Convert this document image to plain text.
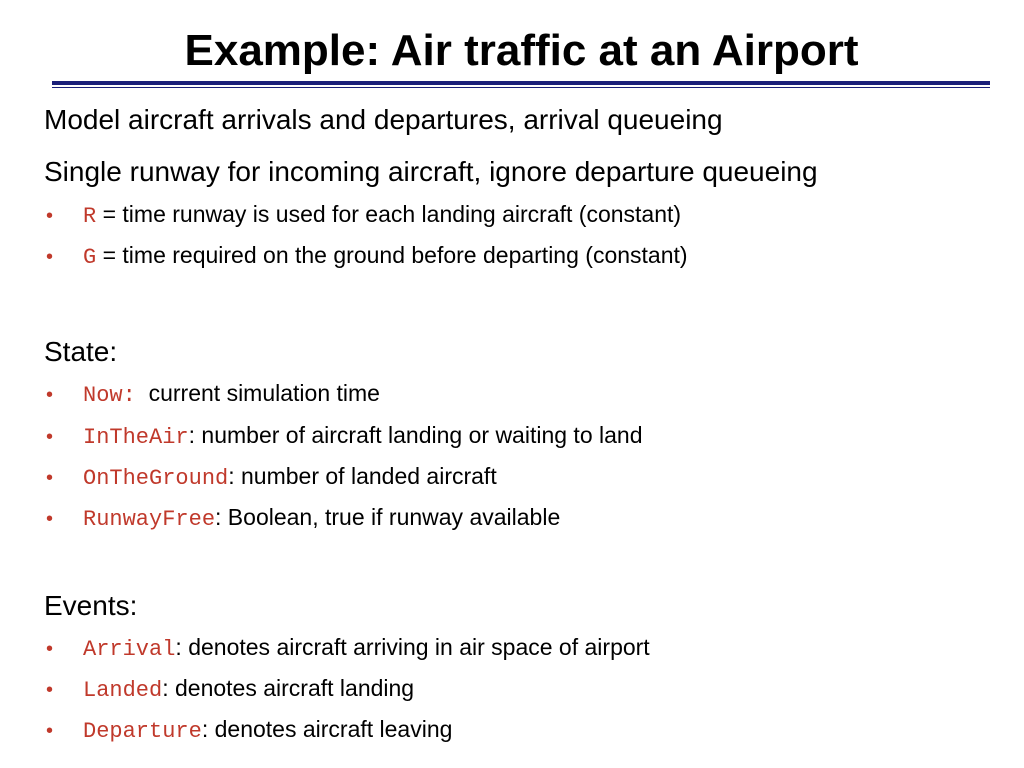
Example: Air traffic at an Airport
Model aircraft arrivals and departures, arrival queueing
Single runway for incoming aircraft, ignore departure queueing
• R = time runway is used for each landing aircraft (constant)
• G = time required on the ground before departing (constant)
State:
• Now:  current simulation time
• InTheAir: number of aircraft landing or waiting to land
• OnTheGround: number of landed aircraft
• RunwayFree: Boolean, true if runway available
Events:
• Arrival: denotes aircraft arriving in air space of airport
• Landed: denotes aircraft landing
• Departure: denotes aircraft leaving
